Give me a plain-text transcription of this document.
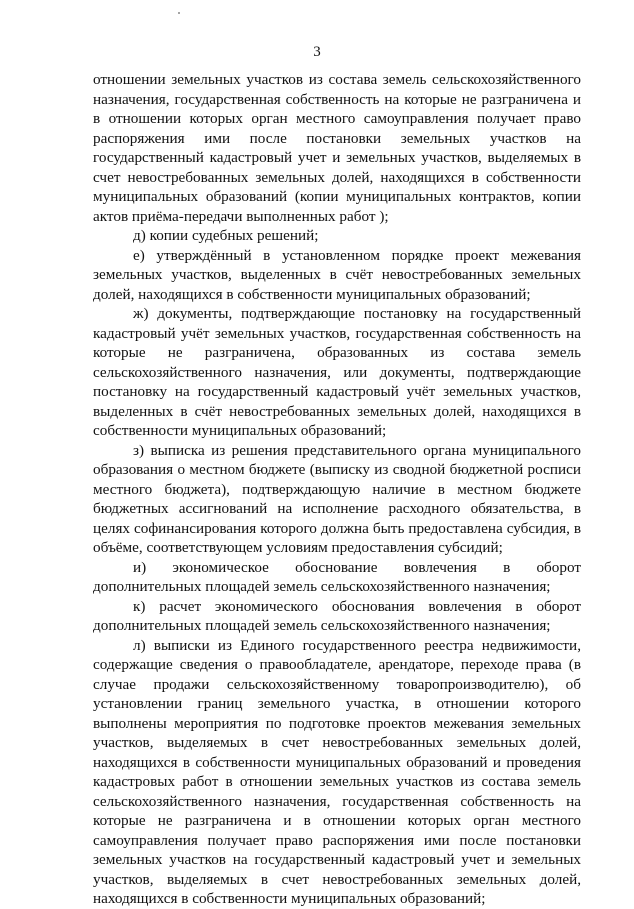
3

отношении земельных участков из состава земель сельскохозяйственного назначения, государственная собственность на которые не разграничена и в отношении которых орган местного самоуправления получает право распоряжения ими после постановки земельных участков на государственный кадастровый учет и земельных участков, выделяемых в счет невостребованных земельных долей, находящихся в собственности муниципальных образований (копии муниципальных контрактов, копии актов приёма-передачи выполненных работ );

д) копии судебных решений;

е) утверждённый в установленном порядке проект межевания земельных участков, выделенных в счёт невостребованных земельных долей, находящихся в собственности муниципальных образований;

ж) документы, подтверждающие постановку на государственный кадастровый учёт земельных участков, государственная собственность на которые не разграничена, образованных из состава земель сельскохозяйственного назначения, или документы, подтверждающие постановку на государственный кадастровый учёт земельных участков, выделенных в счёт невостребованных земельных долей, находящихся в собственности муниципальных образований;

з) выписка из решения представительного органа муниципального образования о местном бюджете (выписку из сводной бюджетной росписи местного бюджета), подтверждающую наличие в местном бюджете бюджетных ассигнований на исполнение расходного обязательства, в целях софинансирования которого должна быть предоставлена субсидия, в объёме, соответствующем условиям предоставления субсидий;

и) экономическое обоснование вовлечения в оборот дополнительных площадей земель сельскохозяйственного назначения;

к) расчет экономического обоснования вовлечения в оборот дополнительных площадей земель сельскохозяйственного назначения;

л) выписки из Единого государственного реестра недвижимости, содержащие сведения о правообладателе, арендаторе, переходе права (в случае продажи сельскохозяйственному товаропроизводителю), об установлении границ земельного участка, в отношении которого выполнены мероприятия по подготовке проектов межевания земельных участков, выделяемых в счет невостребованных земельных долей, находящихся в собственности муниципальных образований и проведения кадастровых работ в отношении земельных участков из состава земель сельскохозяйственного назначения, государственная собственность на которые не разграничена и в отношении которых орган местного самоуправления получает право распоряжения ими после постановки земельных участков на государственный кадастровый учет и земельных участков, выделяемых в счет невостребованных земельных долей, находящихся в собственности муниципальных образований;
